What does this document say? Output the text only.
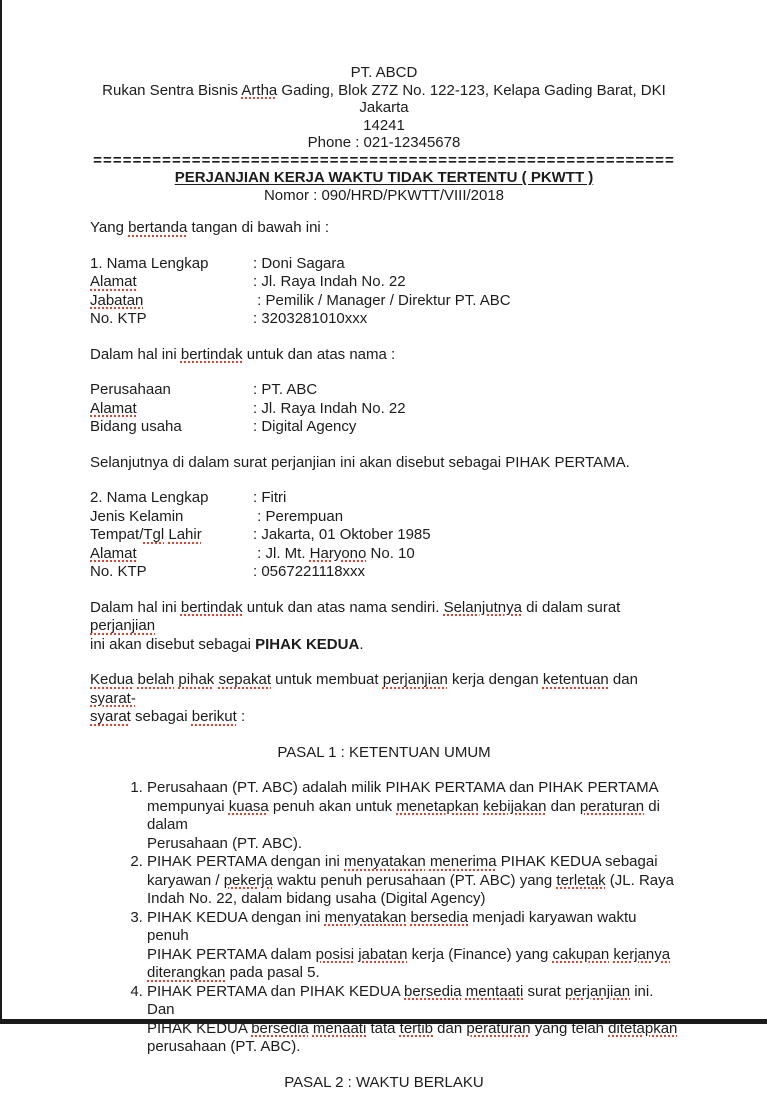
PT. ABCD
Rukan Sentra Bisnis Artha Gading, Blok Z7Z No. 122-123, Kelapa Gading Barat, DKI Jakarta
14241
Phone : 021-12345678
===========================================================
PERJANJIAN KERJA WAKTU TIDAK TERTENTU ( PKWTT )
Nomor : 090/HRD/PKWTT/VIII/2018

Yang bertanda tangan di bawah ini :

1. Nama Lengkap	: Doni Sagara
Alamat	: Jl. Raya Indah No. 22
Jabatan	: Pemilik / Manager / Direktur PT. ABC
No. KTP	: 3203281010xxx

Dalam hal ini bertindak untuk dan atas nama :

Perusahaan	: PT. ABC
Alamat	: Jl. Raya Indah No. 22
Bidang usaha	: Digital Agency

Selanjutnya di dalam surat perjanjian ini akan disebut sebagai PIHAK PERTAMA.

2. Nama Lengkap	: Fitri
Jenis Kelamin	: Perempuan
Tempat/Tgl Lahir	: Jakarta, 01 Oktober 1985
Alamat	: Jl. Mt. Haryono No. 10
No. KTP	: 0567221118xxx

Dalam hal ini bertindak untuk dan atas nama sendiri. Selanjutnya di dalam surat perjanjian
ini akan disebut sebagai PIHAK KEDUA.

Kedua belah pihak sepakat untuk membuat perjanjian kerja dengan ketentuan dan syarat-
syarat sebagai berikut :

PASAL 1 : KETENTUAN UMUM
1. Perusahaan (PT. ABC) adalah milik PIHAK PERTAMA dan PIHAK PERTAMA
mempunyai kuasa penuh akan untuk menetapkan kebijakan dan peraturan di dalam
Perusahaan (PT. ABC).
2. PIHAK PERTAMA dengan ini menyatakan menerima PIHAK KEDUA sebagai
karyawan / pekerja waktu penuh perusahaan (PT. ABC) yang terletak (JL. Raya
Indah No. 22, dalam bidang usaha (Digital Agency)
3. PIHAK KEDUA dengan ini menyatakan bersedia menjadi karyawan waktu penuh
PIHAK PERTAMA dalam posisi jabatan kerja (Finance) yang cakupan kerjanya
diterangkan pada pasal 5.
4. PIHAK PERTAMA dan PIHAK KEDUA bersedia mentaati surat perjanjian ini. Dan
PIHAK KEDUA bersedia menaati tata tertib dan peraturan yang telah ditetapkan
perusahaan (PT. ABC).
PASAL 2 : WAKTU BERLAKU
